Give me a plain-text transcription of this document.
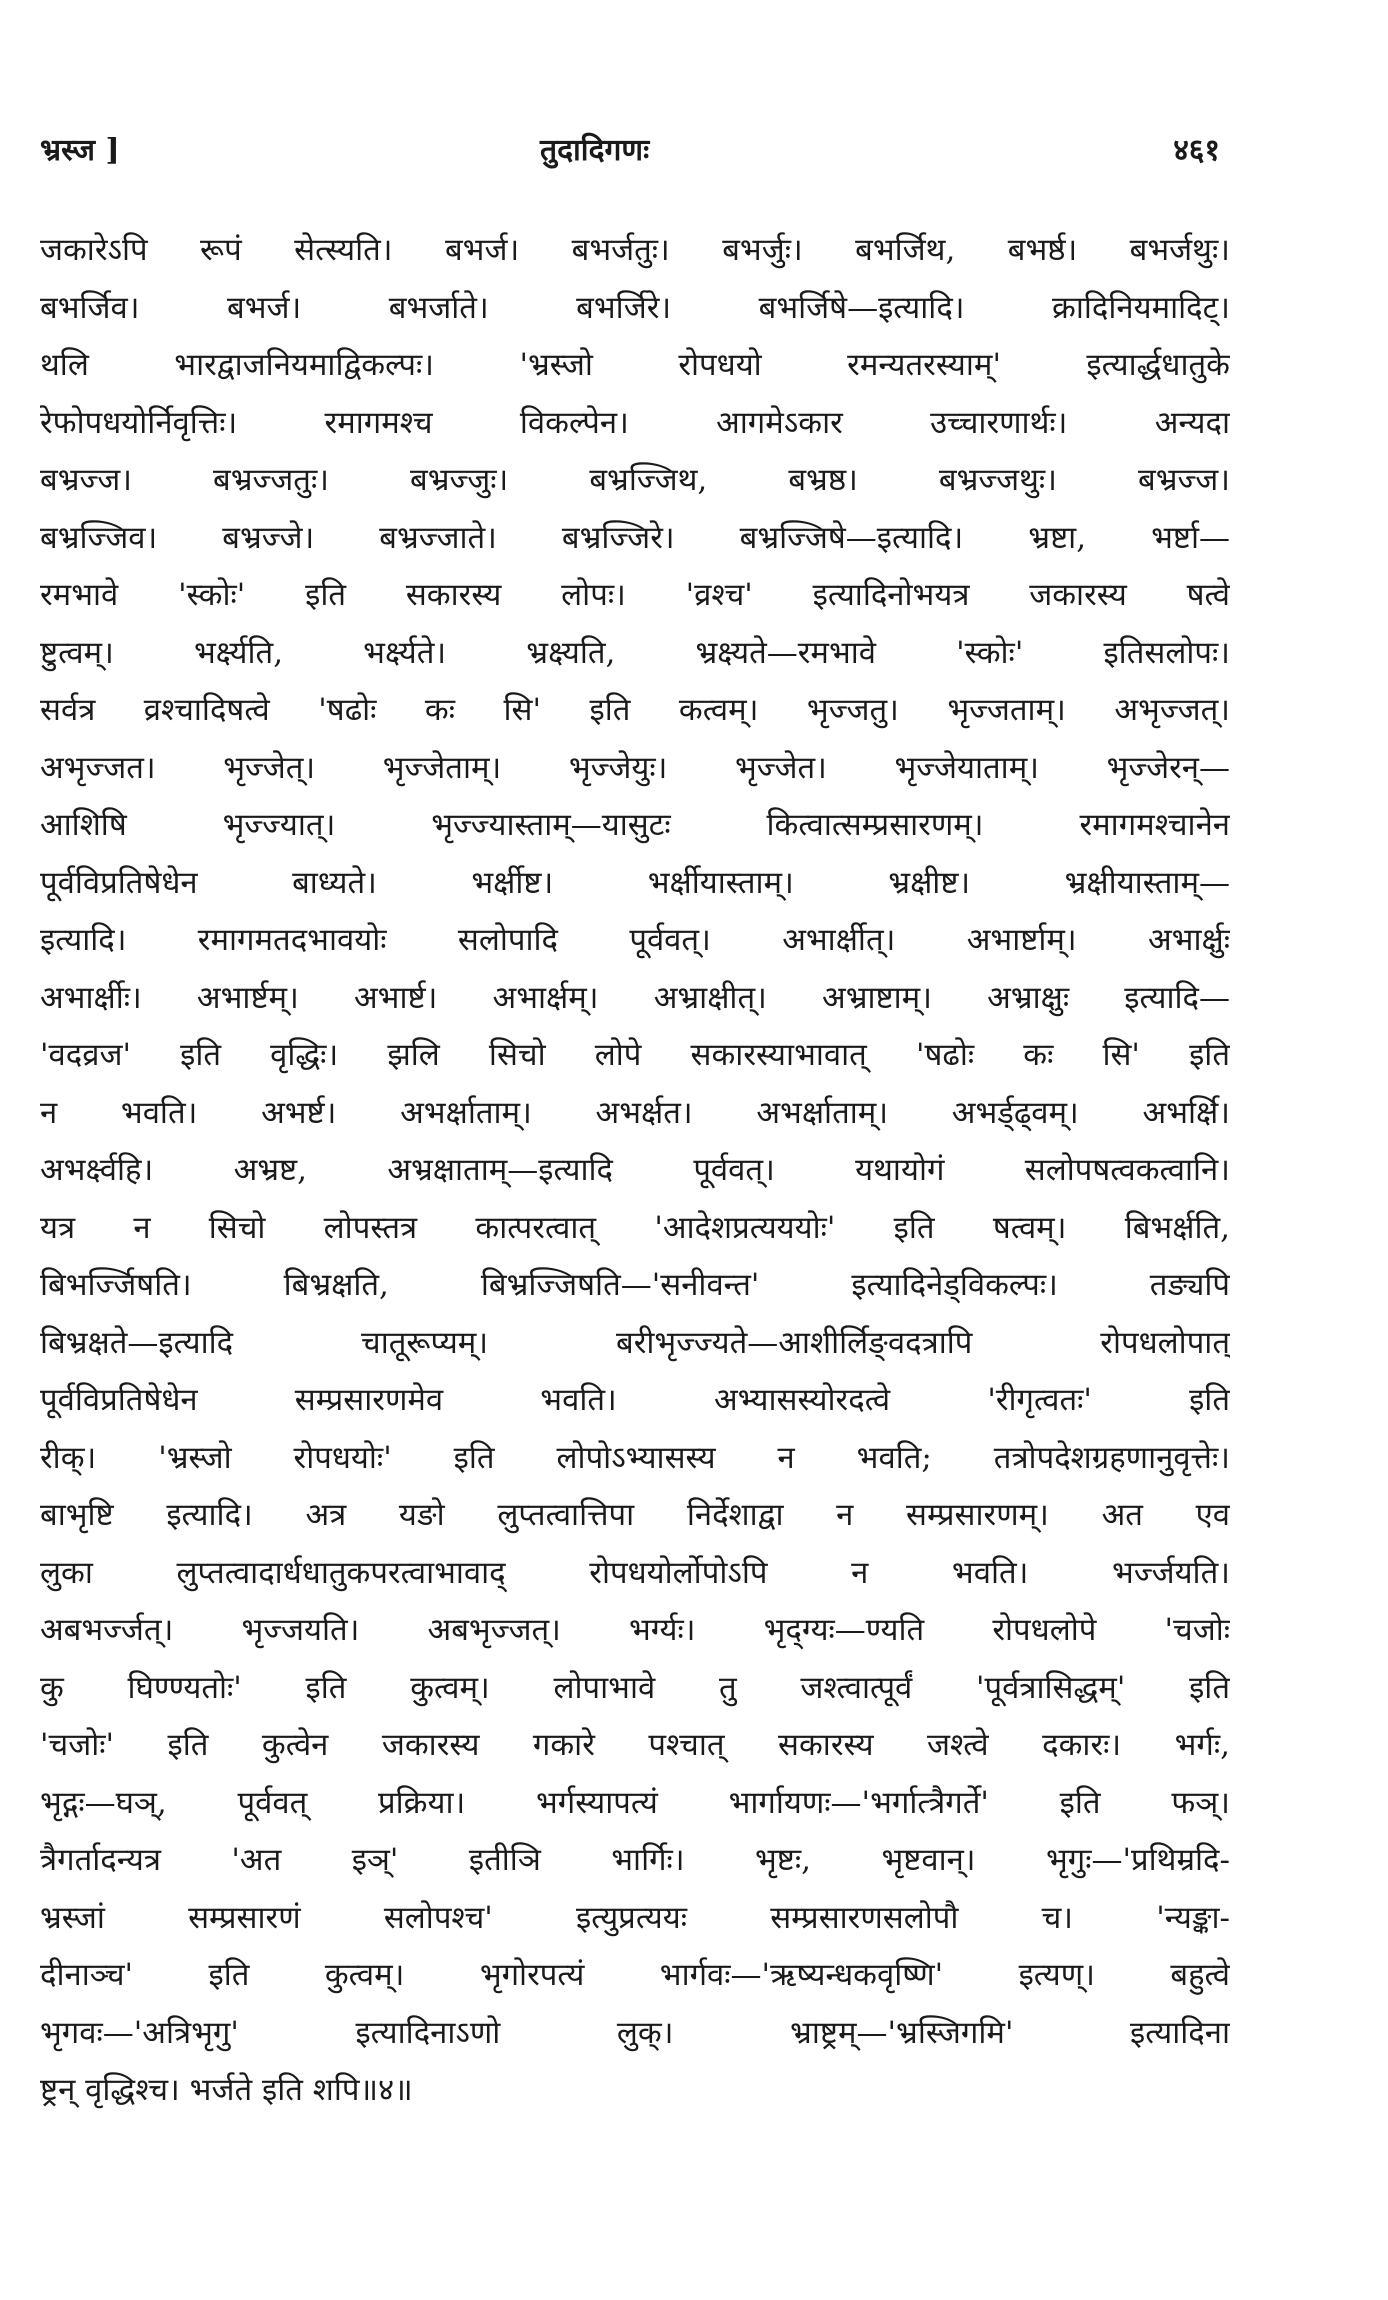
भ्रस्ज ]	तुदादिगणः	४६१
जकारेऽपि रूपं सेत्स्यति। बभर्ज। बभर्जतुः। बभर्जुः। बभर्जिथ, बभर्ष्ठ। बभर्जथुः।
बभर्जिव। बभर्ज। बभर्जाते। बभर्जिरे। बभर्जिषे—इत्यादि। क्रादिनियमादिट्।
थलि भारद्वाजनियमाद्विकल्पः। 'भ्रस्जो रोपधयो रमन्यतरस्याम्' इत्यार्द्धधातुके
रेफोपधयोर्निवृत्तिः। रमागमश्च विकल्पेन। आगमेऽकार उच्चारणार्थः। अन्यदा
बभ्रज्ज। बभ्रज्जतुः। बभ्रज्जुः। बभ्रज्जिथ, बभ्रष्ठ। बभ्रज्जथुः। बभ्रज्ज।
बभ्रज्जिव। बभ्रज्जे। बभ्रज्जाते। बभ्रज्जिरे। बभ्रज्जिषे—इत्यादि। भ्रष्टा, भर्ष्टा—
रमभावे 'स्कोः' इति सकारस्य लोपः। 'व्रश्च' इत्यादिनोभयत्र जकारस्य षत्वे
ष्टुत्वम्। भर्क्ष्यति, भर्क्ष्यते। भ्रक्ष्यति, भ्रक्ष्यते—रमभावे 'स्कोः' इतिसलोपः।
सर्वत्र व्रश्चादिषत्वे 'षढोः कः सि' इति कत्वम्। भृज्जतु। भृज्जताम्। अभृज्जत्।
अभृज्जत। भृज्जेत्। भृज्जेताम्। भृज्जेयुः। भृज्जेत। भृज्जेयाताम्। भृज्जेरन्—
आशिषि भृज्ज्यात्। भृज्ज्यास्ताम्—यासुटः कित्वात्सम्प्रसारणम्। रमागमश्चानेन
पूर्वविप्रतिषेधेन बाध्यते। भर्क्षीष्ट। भर्क्षीयास्ताम्। भ्रक्षीष्ट। भ्रक्षीयास्ताम्—
इत्यादि। रमागमतदभावयोः सलोपादि पूर्ववत्। अभार्क्षीत्। अभार्ष्टाम्। अभार्क्षुः
अभार्क्षीः। अभार्ष्टम्। अभार्ष्ट। अभार्क्षम्। अभ्राक्षीत्। अभ्राष्टाम्। अभ्राक्षुः इत्यादि—
'वदव्रज' इति वृद्धिः। झलि सिचो लोपे सकारस्याभावात् 'षढोः कः सि' इति
न भवति। अभर्ष्ट। अभर्क्षाताम्। अभर्क्षत। अभर्क्षाताम्। अभर्ड्ढ्वम्। अभर्क्षि।
अभर्क्ष्वहि। अभ्रष्ट, अभ्रक्षाताम्—इत्यादि पूर्ववत्। यथायोगं सलोपषत्वकत्वानि।
यत्र न सिचो लोपस्तत्र कात्परत्वात् 'आदेशप्रत्यययोः' इति षत्वम्। बिभर्क्षति,
बिभर्ज्जिषति। बिभ्रक्षति, बिभ्रज्जिषति—'सनीवन्त' इत्यादिनेड्विकल्पः। तङ्यपि
बिभ्रक्षते—इत्यादि चातूरूप्यम्। बरीभृज्ज्यते—आशीर्लिङ्वदत्रापि रोपधलोपात्
पूर्वविप्रतिषेधेन सम्प्रसारणमेव भवति। अभ्यासस्योरदत्वे 'रीगृत्वतः' इति
रीक्। 'भ्रस्जो रोपधयोः' इति लोपोऽभ्यासस्य न भवति; तत्रोपदेशग्रहणानुवृत्तेः।
बाभृष्टि इत्यादि। अत्र यङो लुप्तत्वात्तिपा निर्देशाद्वा न सम्प्रसारणम्। अत एव
लुका लुप्तत्वादार्धधातुकपरत्वाभावाद् रोपधयोर्लोपोऽपि न भवति। भर्ज्जयति।
अबभर्ज्जत्। भृज्जयति। अबभृज्जत्। भर्ग्यः। भृद्ग्यः—ण्यति रोपधलोपे 'चजोः
कु घिण्ण्यतोः' इति कुत्वम्। लोपाभावे तु जश्त्वात्पूर्वं 'पूर्वत्रासिद्धम्' इति
'चजोः' इति कुत्वेन जकारस्य गकारे पश्चात् सकारस्य जश्त्वे दकारः। भर्गः,
भृद्गः—घञ्, पूर्ववत् प्रक्रिया। भर्गस्यापत्यं भार्गायणः—'भर्गात्त्रैगर्ते' इति फञ्।
त्रैगर्तादन्यत्र 'अत इञ्' इतीञि भार्गिः। भृष्टः, भृष्टवान्। भृगुः—'प्रथिम्रदि-
भ्रस्जां सम्प्रसारणं सलोपश्च' इत्युप्रत्ययः सम्प्रसारणसलोपौ च। 'न्यङ्का-
दीनाञ्च' इति कुत्वम्। भृगोरपत्यं भार्गवः—'ऋष्यन्धकवृष्णि' इत्यण्। बहुत्वे
भृगवः—'अत्रिभृगु' इत्यादिनाऽणो लुक्। भ्राष्ट्रम्—'भ्रस्जिगमि' इत्यादिना
ष्ट्रन् वृद्धिश्च। भर्जते इति शपि॥४॥
